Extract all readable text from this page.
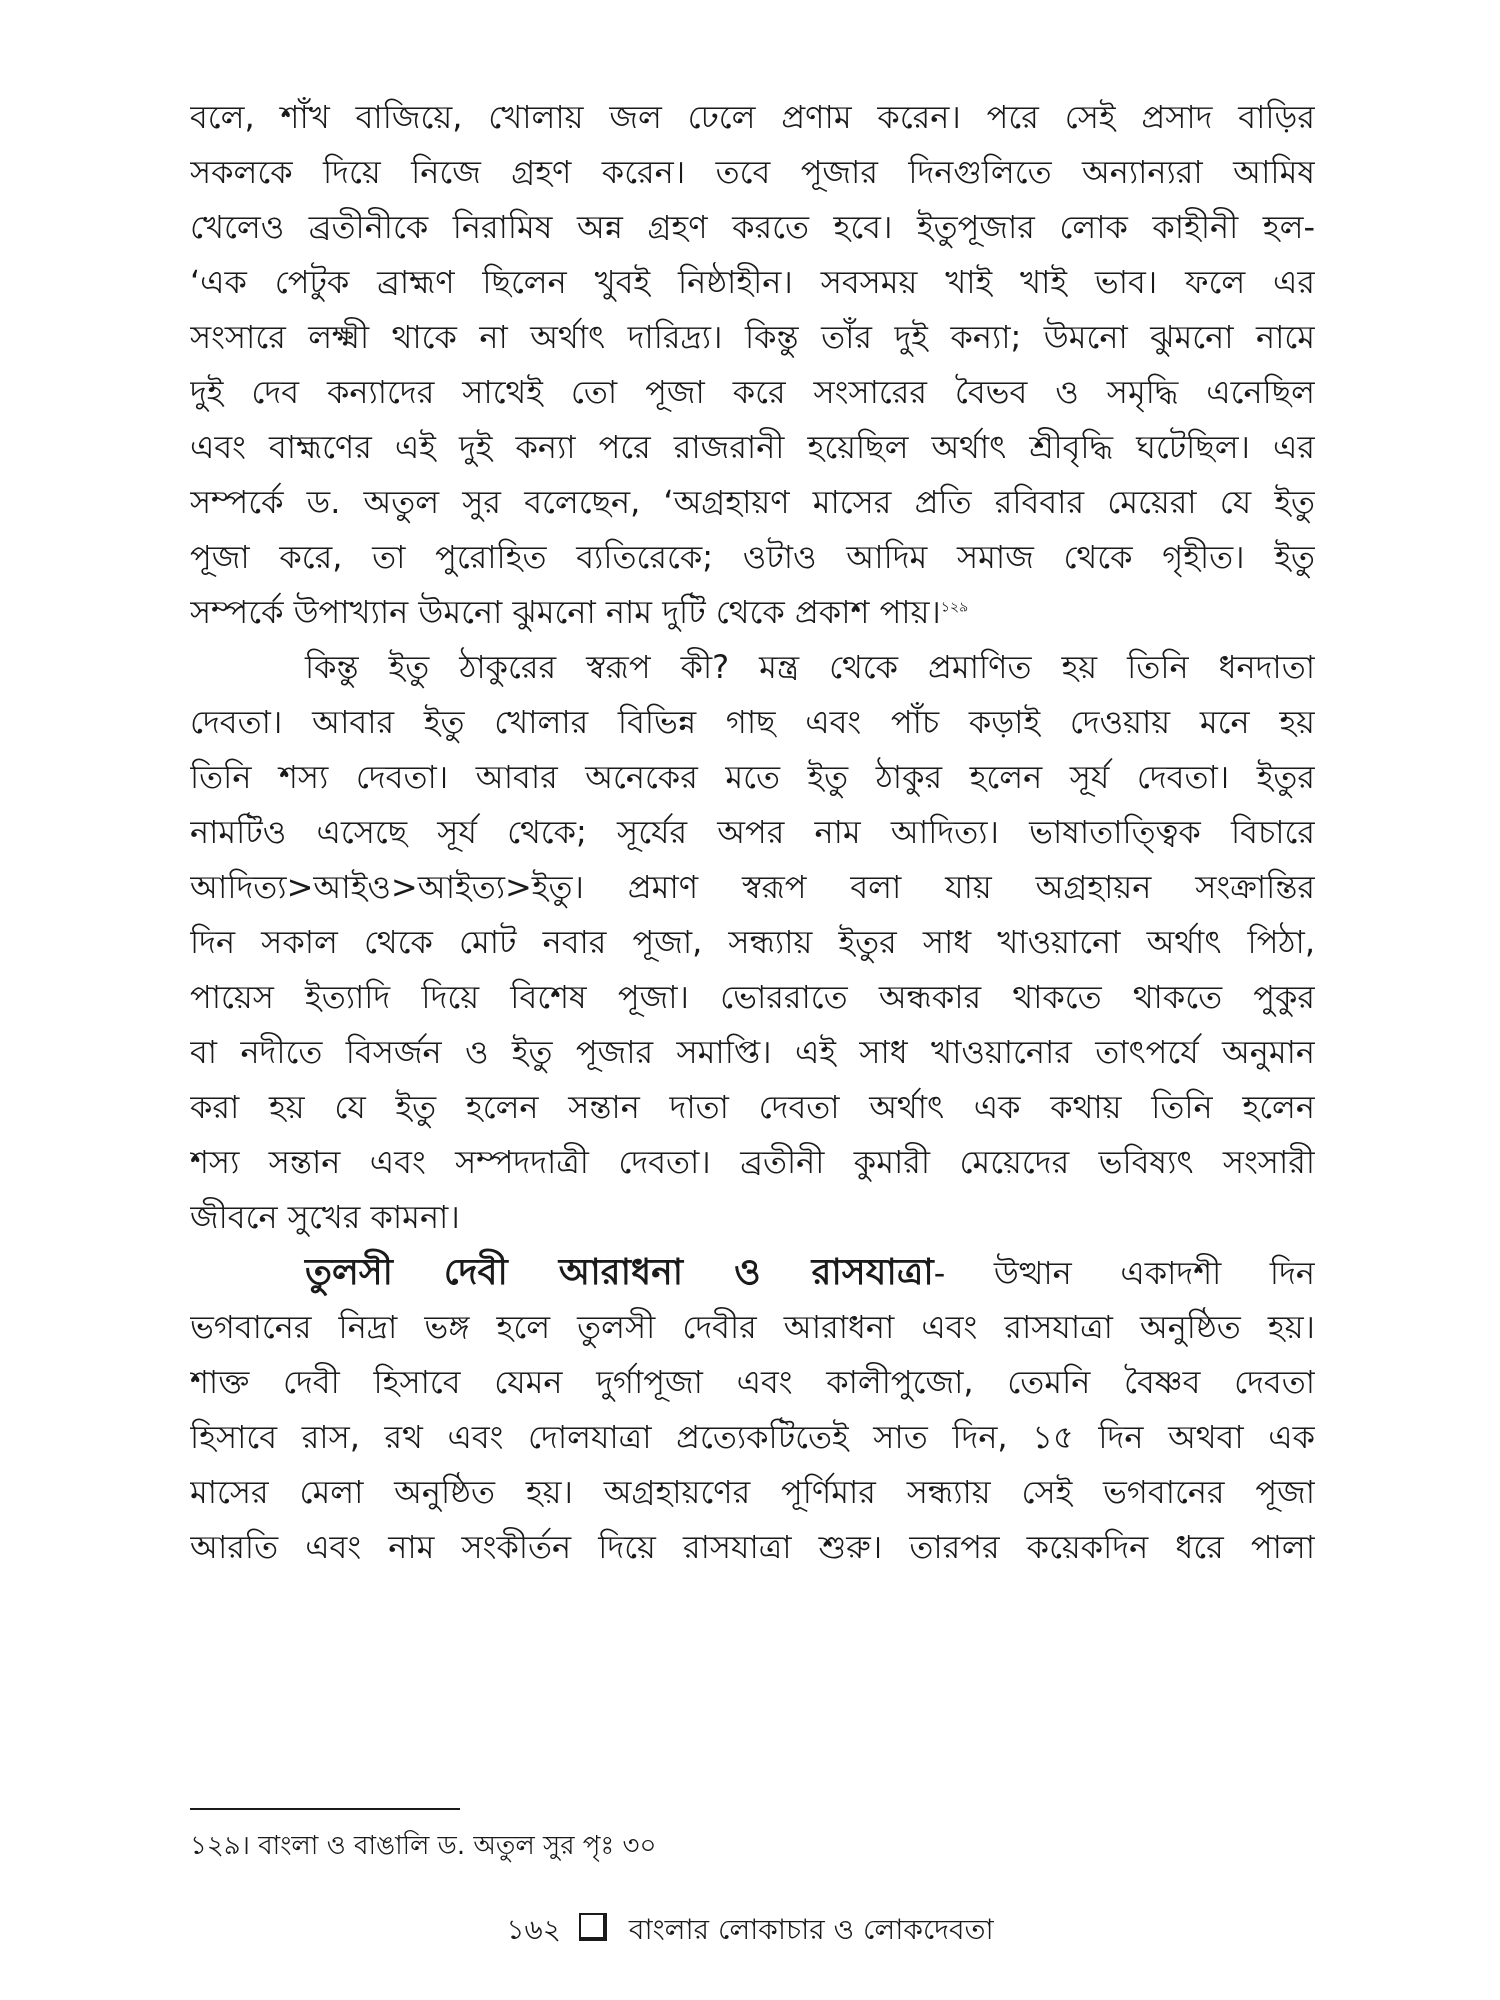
বলে, শাঁখ বাজিয়ে, খোলায় জল ঢেলে প্রণাম করেন। পরে সেই প্রসাদ বাড়ির
সকলকে দিয়ে নিজে গ্রহণ করেন। তবে পূজার দিনগুলিতে অন্যান্যরা আমিষ
খেলেও ব্রতীনীকে নিরামিষ অন্ন গ্রহণ করতে হবে। ইতুপূজার লোক কাহীনী হল-
‘এক পেটুক ব্রাহ্মণ ছিলেন খুবই নিষ্ঠাহীন। সবসময় খাই খাই ভাব। ফলে এর
সংসারে লক্ষ্মী থাকে না অর্থাৎ দারিদ্র্য। কিন্তু তাঁর দুই কন্যা; উমনো ঝুমনো নামে
দুই দেব কন্যাদের সাথেই তো পূজা করে সংসারের বৈভব ও সমৃদ্ধি এনেছিল
এবং বাহ্মণের এই দুই কন্যা পরে রাজরানী হয়েছিল অর্থাৎ শ্রীবৃদ্ধি ঘটেছিল। এর
সম্পর্কে ড. অতুল সুর বলেছেন, ‘অগ্রহায়ণ মাসের প্রতি রবিবার মেয়েরা যে ইতু
পূজা করে, তা পুরোহিত ব্যতিরেকে; ওটাও আদিম সমাজ থেকে গৃহীত। ইতু
সম্পর্কে উপাখ্যান উমনো ঝুমনো নাম দুটি থেকে প্রকাশ পায়।$^{১২৯}$
কিন্তু ইতু ঠাকুরের স্বরূপ কী? মন্ত্র থেকে প্রমাণিত হয় তিনি ধনদাতা
দেবতা। আবার ইতু খোলার বিভিন্ন গাছ এবং পাঁচ কড়াই দেওয়ায় মনে হয়
তিনি শস্য দেবতা। আবার অনেকের মতে ইতু ঠাকুর হলেন সূর্য দেবতা। ইতুর
নামটিও এসেছে সূর্য থেকে; সূর্যের অপর নাম আদিত্য। ভাষাতাত্ত্বিক বিচারে
আদিত্য>আইও>আইত্য>ইতু। প্রমাণ স্বরূপ বলা যায় অগ্রহায়ন সংক্রান্তির
দিন সকাল থেকে মোট নবার পূজা, সন্ধ্যায় ইতুর সাধ খাওয়ানো অর্থাৎ পিঠা,
পায়েস ইত্যাদি দিয়ে বিশেষ পূজা। ভোররাতে অন্ধকার থাকতে থাকতে পুকুর
বা নদীতে বিসর্জন ও ইতু পূজার সমাপ্তি। এই সাধ খাওয়ানোর তাৎপর্যে অনুমান
করা হয় যে ইতু হলেন সন্তান দাতা দেবতা অর্থাৎ এক কথায় তিনি হলেন
শস্য সন্তান এবং সম্পদদাত্রী দেবতা। ব্রতীনী কুমারী মেয়েদের ভবিষ্যৎ সংসারী
জীবনে সুখের কামনা।
তুলসী দেবী আরাধনা ও রাসযাত্রা- উত্থান একাদশী দিন
ভগবানের নিদ্রা ভঙ্গ হলে তুলসী দেবীর আরাধনা এবং রাসযাত্রা অনুষ্ঠিত হয়।
শাক্ত দেবী হিসাবে যেমন দুর্গাপূজা এবং কালীপুজো, তেমনি বৈষ্ণব দেবতা
হিসাবে রাস, রথ এবং দোলযাত্রা প্রত্যেকটিতেই সাত দিন, ১৫ দিন অথবা এক
মাসের মেলা অনুষ্ঠিত হয়। অগ্রহায়ণের পূর্ণিমার সন্ধ্যায় সেই ভগবানের পূজা
আরতি এবং নাম সংকীর্তন দিয়ে রাসযাত্রা শুরু। তারপর কয়েকদিন ধরে পালা
১২৯। বাংলা ও বাঙালি ড. অতুল সুর পৃঃ ৩০
১৬২ বাংলার লোকাচার ও লোকদেবতা
